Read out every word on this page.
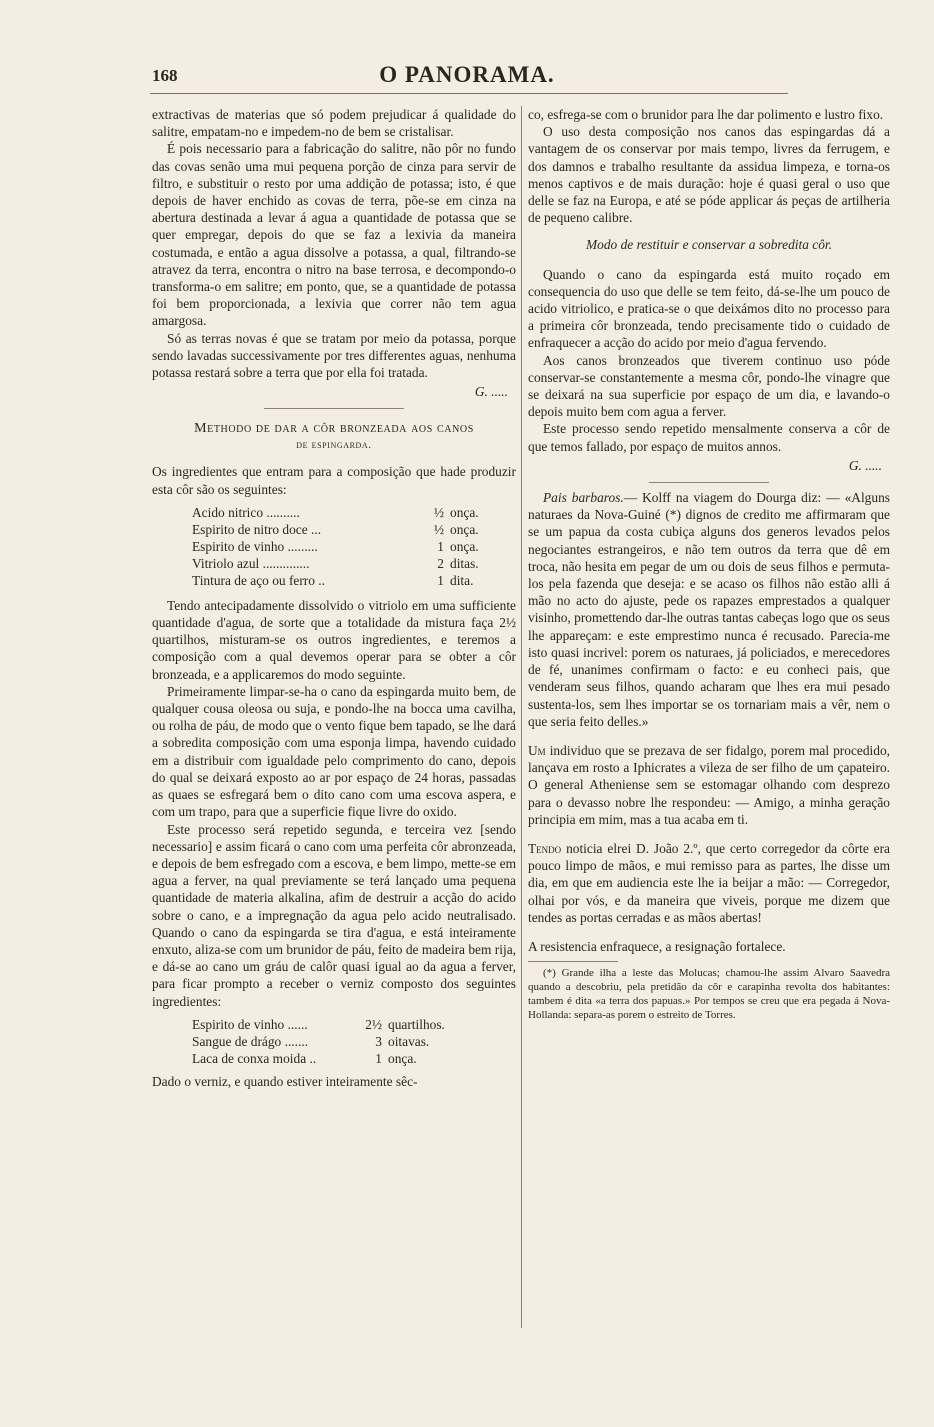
168	O PANORAMA.

extractivas de materias que só podem prejudicar á qualidade do salitre, empatam-no e impedem-no de bem se cristalisar.

É pois necessario para a fabricação do salitre, não pôr no fundo das covas senão uma mui pequena porção de cinza para servir de filtro, e substituir o resto por uma addição de potassa; isto, é que depois de haver enchido as covas de terra, põe-se em cinza na abertura destinada a levar á agua a quantidade de potassa que se quer empregar, depois do que se faz a lexivia da maneira costumada, e então a agua dissolve a potassa, a qual, filtrando-se atravez da terra, encontra o nitro na base terrosa, e decompondo-o transforma-o em salitre; em ponto, que, se a quantidade de potassa foi bem proporcionada, a lexivia que correr não tem agua amargosa.

Só as terras novas é que se tratam por meio da potassa, porque sendo lavadas successivamente por tres differentes aguas, nenhuma potassa restará sobre a terra que por ella foi tratada.

G. .....
Methodo de dar a côr bronzeada aos canos
de espingarda.

Os ingredientes que entram para a composição que hade produzir esta côr são os seguintes:

Acido nitrico ..........	½	onça.
Espirito de nitro doce ...	½	onça.
Espirito de vinho .........	1	onça.
Vitriolo azul ..............	2	ditas.
Tintura de aço ou ferro ..	1	dita.

Tendo antecipadamente dissolvido o vitriolo em uma sufficiente quantidade d'agua, de sorte que a totalidade da mistura faça 2½ quartilhos, misturam-se os outros ingredientes, e teremos a composição com a qual devemos operar para se obter a côr bronzeada, e a applicaremos do modo seguinte.

Primeiramente limpar-se-ha o cano da espingarda muito bem, de qualquer cousa oleosa ou suja, e pondo-lhe na bocca uma cavilha, ou rolha de páu, de modo que o vento fique bem tapado, se lhe dará a sobredita composição com uma esponja limpa, havendo cuidado em a distribuir com igualdade pelo comprimento do cano, depois do qual se deixará exposto ao ar por espaço de 24 horas, passadas as quaes se esfregará bem o dito cano com uma escova aspera, e com um trapo, para que a superficie fique livre do oxido.

Este processo será repetido segunda, e terceira vez [sendo necessario] e assim ficará o cano com uma perfeita côr abronzeada, e depois de bem esfregado com a escova, e bem limpo, mette-se em agua a ferver, na qual previamente se terá lançado uma pequena quantidade de materia alkalina, afim de destruir a acção do acido sobre o cano, e a impregnação da agua pelo acido neutralisado. Quando o cano da espingarda se tira d'agua, e está inteiramente enxuto, aliza-se com um brunidor de páu, feito de madeira bem rija, e dá-se ao cano um gráu de calôr quasi igual ao da agua a ferver, para ficar promptο a receber o verniz composto dos seguintes ingredientes:

Espirito de vinho ......	2½	quartilhos.
Sangue de drágo .......	3	oitavas.
Laca de conxa moida ..	1	onça.

Dado o verniz, e quando estiver inteiramente sêc-

co, esfrega-se com o brunidor para lhe dar polimento e lustro fixo.

O uso desta composição nos canos das espingardas dá a vantagem de os conservar por mais tempo, livres da ferrugem, e dos damnos e trabalho resultante da assidua limpeza, e torna-os menos captivos e de mais duração: hoje é quasi geral o uso que delle se faz na Europa, e até se póde applicar ás peças de artilheria de pequeno calibre.

Modo de restituir e conservar a sobredita côr.

Quando o cano da espingarda está muito roçado em consequencia do uso que delle se tem feito, dá-se-lhe um pouco de acido vitriolico, e pratica-se o que deixámos dito no processo para a primeira côr bronzeada, tendo precisamente tido o cuidado de enfraquecer a acção do acido por meio d'agua fervendo.

Aos canos bronzeados que tiverem continuo uso póde conservar-se constantemente a mesma côr, pondo-lhe vinagre que se deixará na sua superficie por espaço de um dia, e lavando-o depois muito bem com agua a ferver.

Este processo sendo repetido mensalmente conserva a côr de que temos fallado, por espaço de muitos annos.

G. .....

Pais barbaros.— Kolff na viagem do Dourga diz: — «Alguns naturaes da Nova-Guiné (*) dignos de credito me affirmaram que se um papua da costa cubiça alguns dos generos levados pelos negociantes estrangeiros, e não tem outros da terra que dê em troca, não hesita em pegar de um ou dois de seus filhos e permuta-los pela fazenda que deseja: e se acaso os filhos não estão alli á mão no acto do ajuste, pede os rapazes emprestados a qualquer visinho, promettendo dar-lhe outras tantas cabeças logo que os seus lhe appareçam: e este emprestimo nunca é recusado. Parecia-me isto quasi incrivel: porem os naturaes, já policiados, e merecedores de fé, unanimes confirmam o facto: e eu conheci pais, que venderam seus filhos, quando acharam que lhes era mui pesado sustenta-los, sem lhes importar se os tornariam mais a vêr, nem o que seria feito delles.»

Um individuo que se prezava de ser fidalgo, porem mal procedido, lançava em rosto a Iphicrates a vileza de ser filho de um çapateiro. O general Atheniense sem se estomagar olhando com desprezo para o devasso nobre lhe respondeu: — Amigo, a minha geração principia em mim, mas a tua acaba em ti.

Tendo noticia elrei D. João 2.º, que certo corregedor da côrte era pouco limpo de mãos, e mui remisso para as partes, lhe disse um dia, em que em audiencia este lhe ia beijar a mão: — Corregedor, olhai por vós, e da maneira que viveis, porque me dizem que tendes as portas cerradas e as mãos abertas!

A resistencia enfraquece, a resignação fortalece.

(*) Grande ilha a leste das Molucas; chamou-lhe assim Alvaro Saavedra quando a descobriu, pela pretidão da côr e carapinha revolta dos habitantes: tambem é dita «a terra dos papuas.» Por tempos se creu que era pegada á Nova-Hollanda: separa-as porem o estreito de Torres.
